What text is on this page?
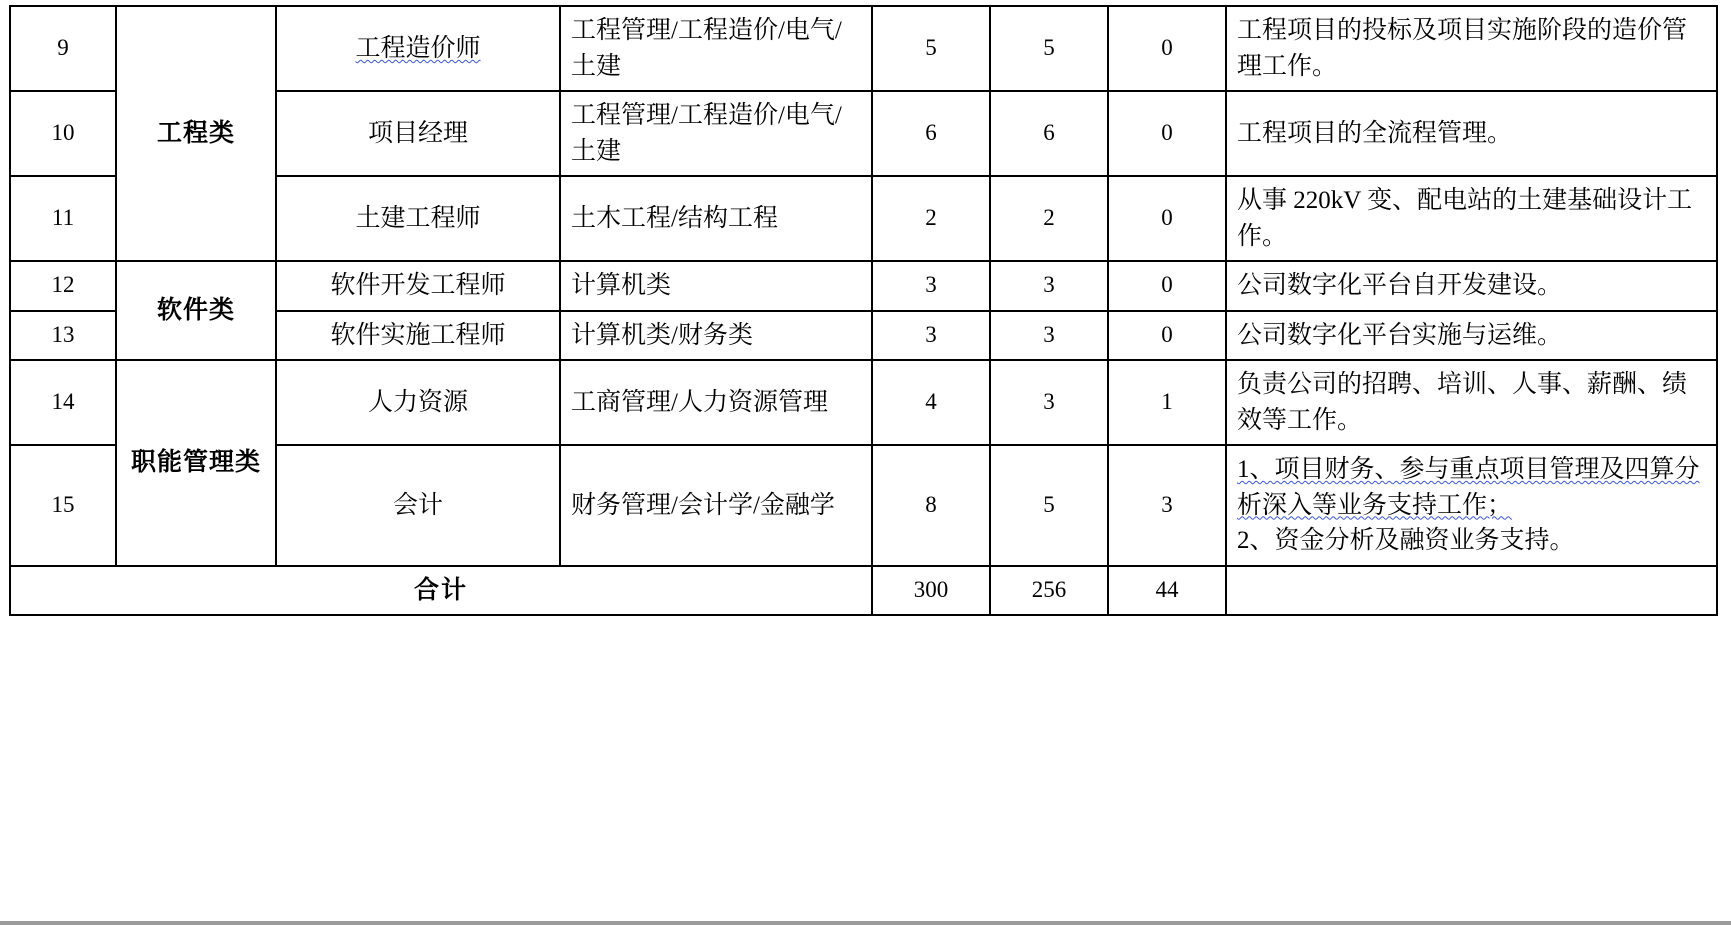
9	工程类	工程造价师	工程管理/工程造价/电气/土建	5	5	0	工程项目的投标及项目实施阶段的造价管理工作。
10		项目经理	工程管理/工程造价/电气/土建	6	6	0	工程项目的全流程管理。
11		土建工程师	土木工程/结构工程	2	2	0	从事 220kV 变、配电站的土建基础设计工作。
12	软件类	软件开发工程师	计算机类	3	3	0	公司数字化平台自开发建设。
13		软件实施工程师	计算机类/财务类	3	3	0	公司数字化平台实施与运维。
14	职能管理类	人力资源	工商管理/人力资源管理	4	3	1	负责公司的招聘、培训、人事、薪酬、绩效等工作。
15		会计	财务管理/会计学/金融学	8	5	3	1、项目财务、参与重点项目管理及四算分析深入等业务支持工作；
2、资金分析及融资业务支持。

合计				300	256	44	
